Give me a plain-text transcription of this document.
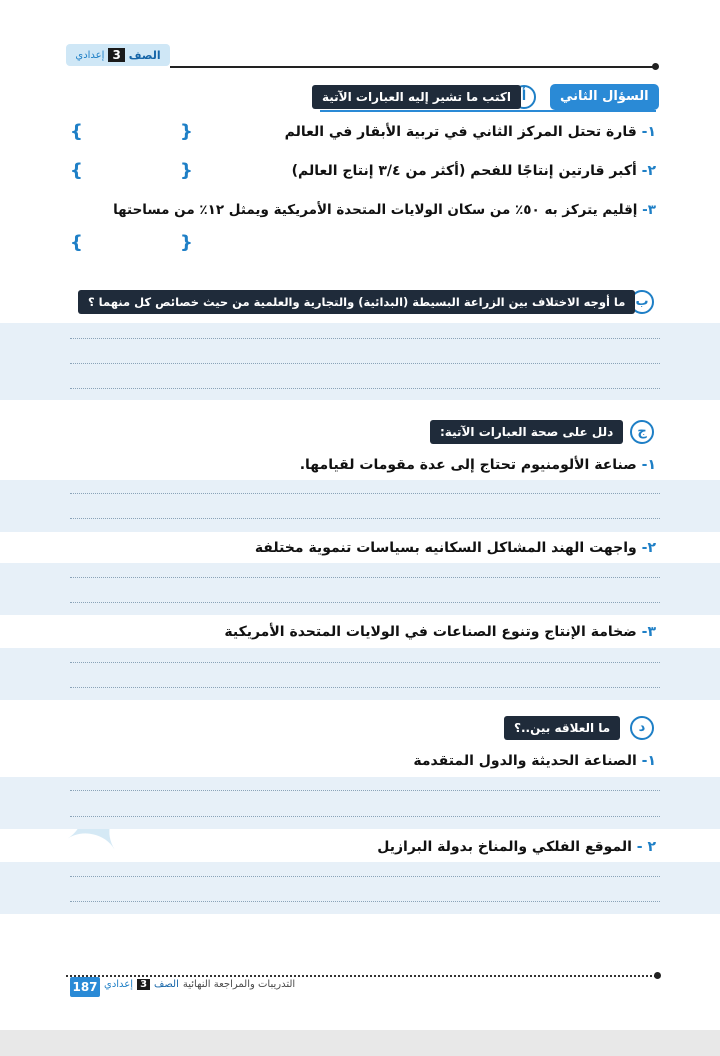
الصف
3
إعدادي
السؤال الثاني
أ
اكتب ما تشير إليه العبارات الآتية
١- قارة تحتل المركز الثاني في تربية الأبقار في العالم
}
{
٢- أكبر قارتين إنتاجًا للفحم (أكثر من ٣/٤ إنتاج العالم)
}
{
٣- إقليم يتركز به ٥٠٪ من سكان الولايات المتحدة الأمريكية ويمثل ١٢٪ من مساحتها
}
{
ب
ما أوجه الاختلاف بين الزراعة البسيطة (البدائية) والتجارية والعلمية من حيث خصائص كل منهما ؟
ج
دلل على صحة العبارات الآتية:
١- صناعة الألومنيوم تحتاج إلى عدة مقومات لقيامها.
٢- واجهت الهند المشاكل السكانيه بسياسات تنموية مختلفة
٣- ضخامة الإنتاج وتنوع الصناعات في الولايات المتحدة الأمريكية
د
ما العلاقه بين..؟
١- الصناعة الحديثة والدول المتقدمة
٢ - الموقع الفلكي والمناخ بدولة البرازيل
187	التدريبات والمراجعة النهائية
الصف
3
إعدادي
